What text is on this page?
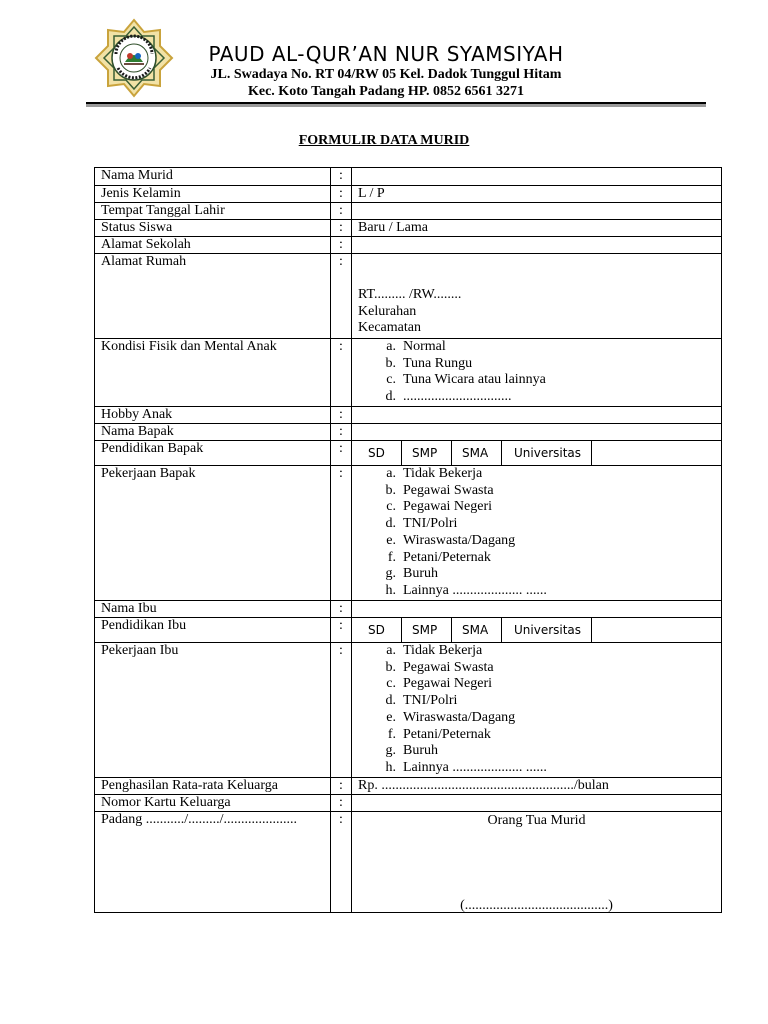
PAUD AL-QUR’AN NUR SYAMSIYAH
JL. Swadaya No. RT 04/RW 05 Kel. Dadok Tunggul Hitam
Kec. Koto Tangah Padang HP. 0852 6561 3271
FORMULIR DATA MURID
Nama Murid	:
Jenis Kelamin	:	L / P
Tempat Tanggal Lahir	:
Status Siswa	:	Baru / Lama
Alamat Sekolah	:
Alamat Rumah	:
RT......... /RW........
Kelurahan
Kecamatan
Kondisi Fisik dan Mental Anak	:	a. Normal
b. Tuna Rungu
c. Tuna Wicara atau lainnya
d. ...............................
Hobby Anak	:
Nama Bapak	:
Pendidikan Bapak	:	SD	SMP	SMA	Universitas
Pekerjaan Bapak	:	a. Tidak Bekerja
b. Pegawai Swasta
c. Pegawai Negeri
d. TNI/Polri
e. Wiraswasta/Dagang
f. Petani/Peternak
g. Buruh
h. Lainnya .................... ......
Nama Ibu	:
Pendidikan Ibu	:	SD	SMP	SMA	Universitas
Pekerjaan Ibu	:	a. Tidak Bekerja
b. Pegawai Swasta
c. Pegawai Negeri
d. TNI/Polri
e. Wiraswasta/Dagang
f. Petani/Peternak
g. Buruh
h. Lainnya .................... ......
Penghasilan Rata-rata Keluarga	:	Rp. ......................................................./bulan
Nomor Kartu Keluarga	:
Padang .........../........./.....................	:	Orang Tua Murid
(.........................................)
